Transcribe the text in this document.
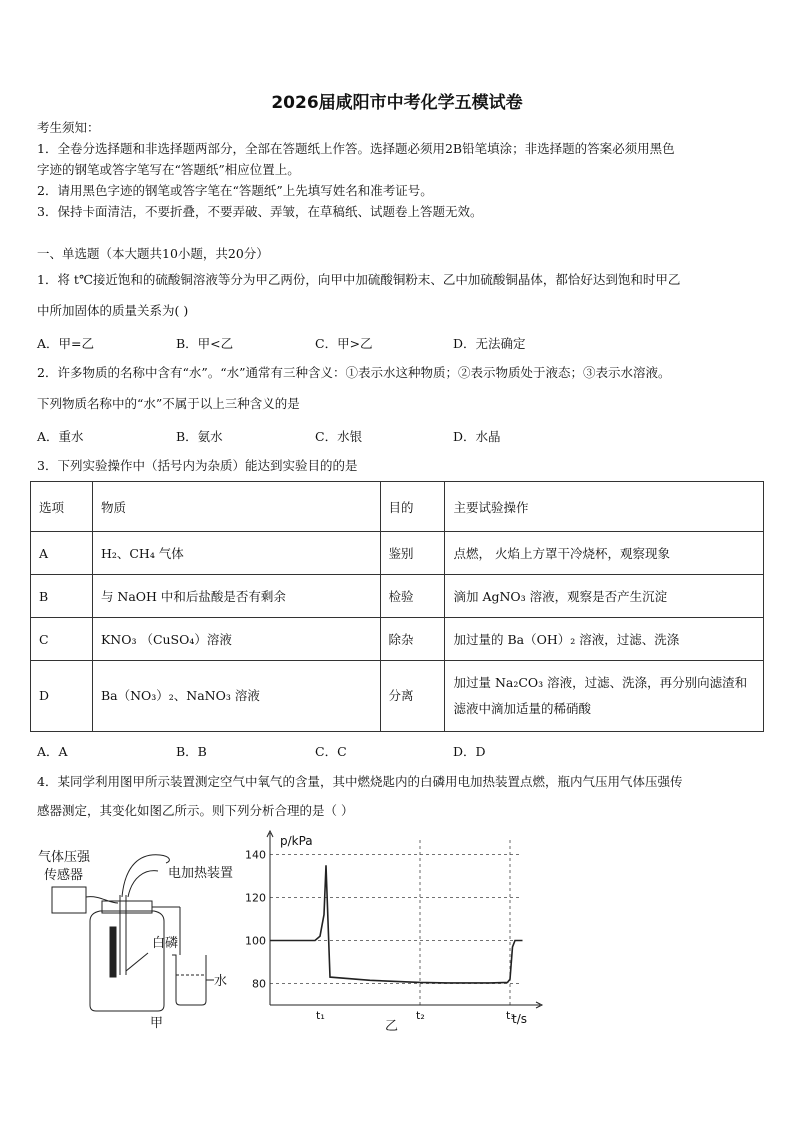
2026届咸阳市中考化学五模试卷
考生须知：
1．全卷分选择题和非选择题两部分，全部在答题纸上作答。选择题必须用2B铅笔填涂；非选择题的答案必须用黑色
字迹的钢笔或答字笔写在“答题纸”相应位置上。
2．请用黑色字迹的钢笔或答字笔在“答题纸”上先填写姓名和准考证号。
3．保持卡面清洁，不要折叠，不要弄破、弄皱，在草稿纸、试题卷上答题无效。
一、单选题（本大题共10小题，共20分）
1．将 t℃接近饱和的硫酸铜溶液等分为甲乙两份，向甲中加硫酸铜粉末、乙中加硫酸铜晶体，都恰好达到饱和时甲乙
中所加固体的质量关系为( )
A．甲=乙	B．甲<乙	C．甲>乙	D．无法确定
2．许多物质的名称中含有“水”。“水”通常有三种含义：①表示水这种物质；②表示物质处于液态；③表示水溶液。
下列物质名称中的“水”不属于以上三种含义的是
A．重水	B．氨水	C．水银	D．水晶
3．下列实验操作中（括号内为杂质）能达到实验目的的是
选项	物质	目的	主要试验操作
A	H₂、CH₄ 气体	鉴别	点燃， 火焰上方罩干冷烧杯，观察现象
B	与 NaOH 中和后盐酸是否有剩余	检验	滴加 AgNO₃ 溶液，观察是否产生沉淀
C	KNO₃ （CuSO₄）溶液	除杂	加过量的 Ba（OH）₂ 溶液，过滤、洗涤
D	Ba（NO₃）₂、NaNO₃ 溶液	分离	加过量 Na₂CO₃ 溶液，过滤、洗涤，再分别向滤渣和滤液中滴加适量的稀硝酸
A．A	B．B	C．C	D．D
4．某同学利用图甲所示装置测定空气中氧气的含量，其中燃烧匙内的白磷用电加热装置点燃，瓶内气压用气体压强传
感器测定，其变化如图乙所示。则下列分析合理的是（ ）
气体压强
传感器	电加热装置
白磷
水
甲
p/kPa
t/s
乙
80
100
120
140
t₁	t₂	t₃
